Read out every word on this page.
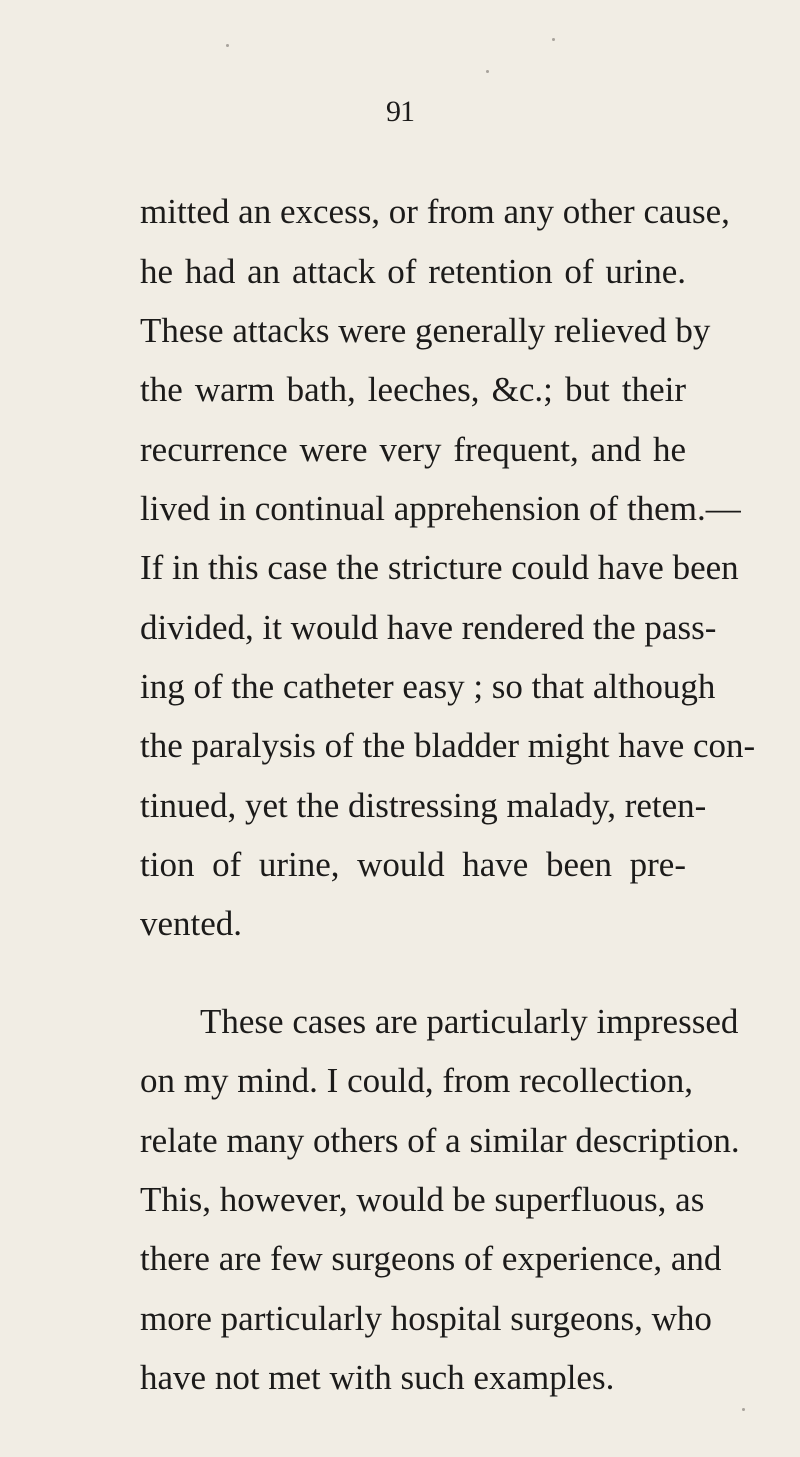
91
mitted an excess, or from any other cause,
he had an attack of retention of urine.
These attacks were generally relieved by
the warm bath, leeches, &c.; but their
recurrence were very frequent, and he
lived in continual apprehension of them.—
If in this case the stricture could have been
divided, it would have rendered the pass-
ing of the catheter easy ; so that although
the paralysis of the bladder might have con-
tinued, yet the distressing malady, reten-
tion of urine, would have been pre-
vented.
These cases are particularly impressed
on my mind. I could, from recollection,
relate many others of a similar description.
This, however, would be superfluous, as
there are few surgeons of experience, and
more particularly hospital surgeons, who
have not met with such examples.
